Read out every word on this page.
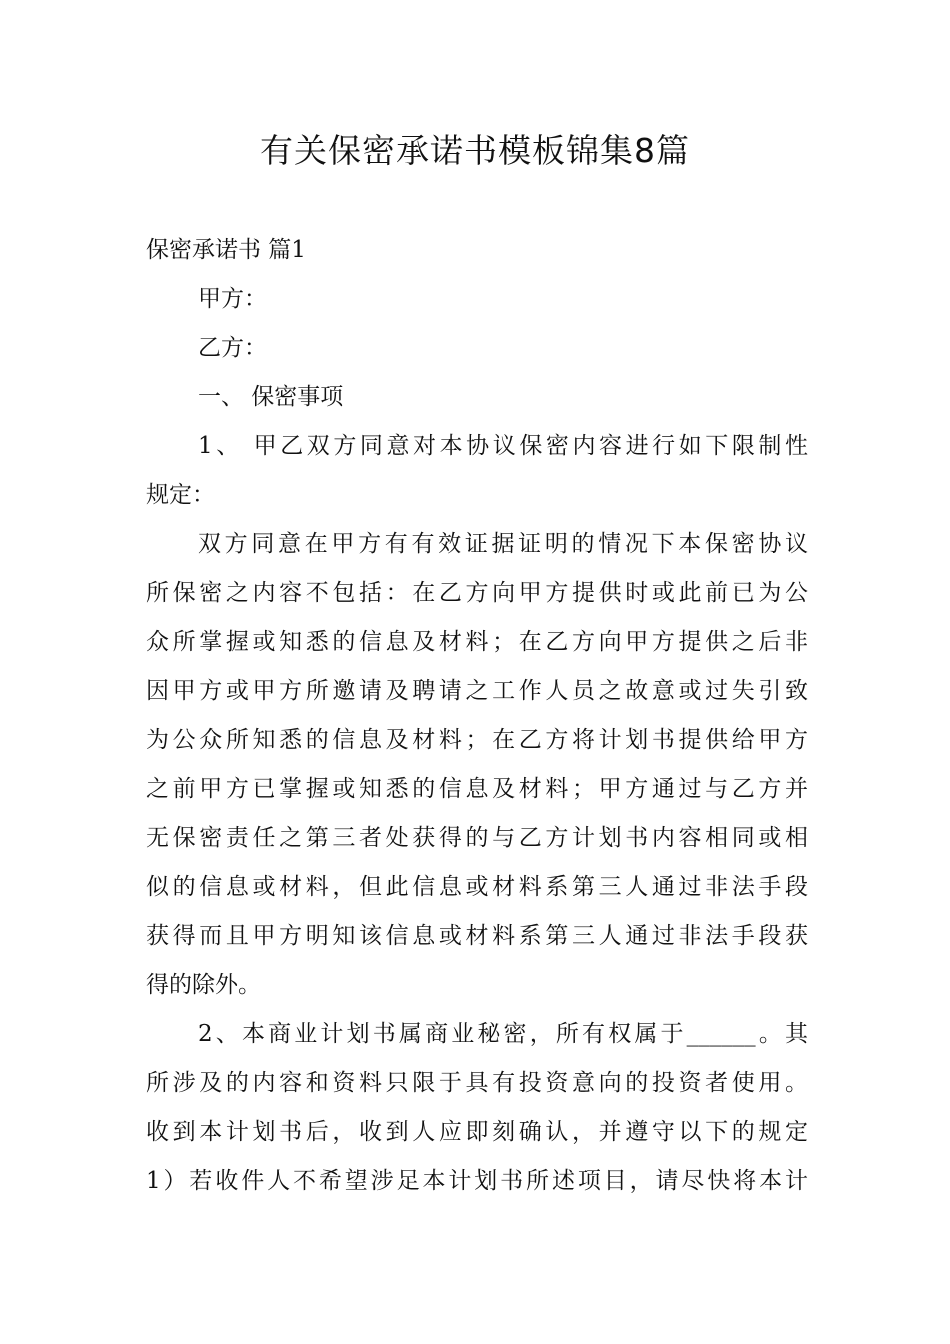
有关保密承诺书模板锦集8篇
保密承诺书 篇1
甲方：
乙方：
一、 保密事项
1、 甲乙双方同意对本协议保密内容进行如下限制性
规定：
双方同意在甲方有有效证据证明的情况下本保密协议
所保密之内容不包括：在乙方向甲方提供时或此前已为公
众所掌握或知悉的信息及材料；在乙方向甲方提供之后非
因甲方或甲方所邀请及聘请之工作人员之故意或过失引致
为公众所知悉的信息及材料；在乙方将计划书提供给甲方
之前甲方已掌握或知悉的信息及材料；甲方通过与乙方并
无保密责任之第三者处获得的与乙方计划书内容相同或相
似的信息或材料，但此信息或材料系第三人通过非法手段
获得而且甲方明知该信息或材料系第三人通过非法手段获
得的除外。
2、本商业计划书属商业秘密，所有权属于______。其
所涉及的内容和资料只限于具有投资意向的投资者使用。
收到本计划书后，收到人应即刻确认，并遵守以下的规定
1）若收件人不希望涉足本计划书所述项目，请尽快将本计
